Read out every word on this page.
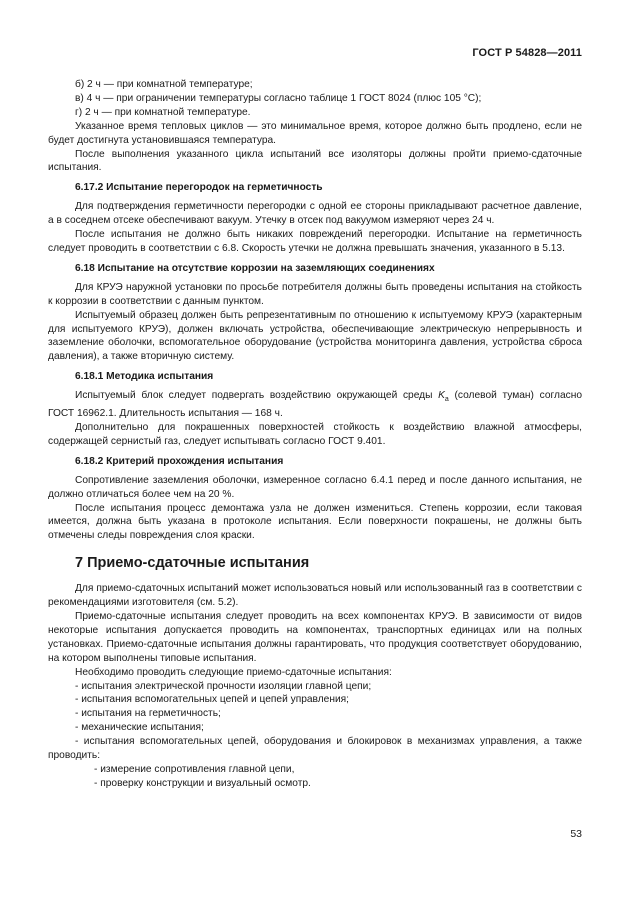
ГОСТ Р 54828—2011
б) 2 ч — при комнатной температуре;
в) 4 ч — при ограничении температуры согласно таблице 1 ГОСТ 8024 (плюс 105 °С);
г) 2 ч — при комнатной температуре.
Указанное время тепловых циклов — это минимальное время, которое должно быть продлено, если не будет достигнута установившаяся температура.
После выполнения указанного цикла испытаний все изоляторы должны пройти приемо-сдаточные испытания.
6.17.2 Испытание перегородок на герметичность
Для подтверждения герметичности перегородки с одной ее стороны прикладывают расчетное давление, а в соседнем отсеке обеспечивают вакуум. Утечку в отсек под вакуумом измеряют через 24 ч.
После испытания не должно быть никаких повреждений перегородки. Испытание на герметичность следует проводить в соответствии с 6.8. Скорость утечки не должна превышать значения, указанного в 5.13.
6.18 Испытание на отсутствие коррозии на заземляющих соединениях
Для КРУЭ наружной установки по просьбе потребителя должны быть проведены испытания на стойкость к коррозии в соответствии с данным пунктом.
Испытуемый образец должен быть репрезентативным по отношению к испытуемому КРУЭ (характерным для испытуемого КРУЭ), должен включать устройства, обеспечивающие электрическую непрерывность и заземление оболочки, вспомогательное оборудование (устройства мониторинга давления, устройства сброса давления), а также вторичную систему.
6.18.1 Методика испытания
Испытуемый блок следует подвергать воздействию окружающей среды $K_a$ (солевой туман) согласно ГОСТ 16962.1. Длительность испытания — 168 ч.
Дополнительно для покрашенных поверхностей стойкость к воздействию влажной атмосферы, содержащей сернистый газ, следует испытывать согласно ГОСТ 9.401.
6.18.2 Критерий прохождения испытания
Сопротивление заземления оболочки, измеренное согласно 6.4.1 перед и после данного испытания, не должно отличаться более чем на 20 %.
После испытания процесс демонтажа узла не должен измениться. Степень коррозии, если таковая имеется, должна быть указана в протоколе испытания. Если поверхности покрашены, не должны быть отмечены следы повреждения слоя краски.
7 Приемо-сдаточные испытания
Для приемо-сдаточных испытаний может использоваться новый или использованный газ в соответствии с рекомендациями изготовителя (см. 5.2).
Приемо-сдаточные испытания следует проводить на всех компонентах КРУЭ. В зависимости от видов некоторые испытания допускается проводить на компонентах, транспортных единицах или на полных установках. Приемо-сдаточные испытания должны гарантировать, что продукция соответствует оборудованию, на котором выполнены типовые испытания.
Необходимо проводить следующие приемо-сдаточные испытания:
- испытания электрической прочности изоляции главной цепи;
- испытания вспомогательных цепей и цепей управления;
- испытания на герметичность;
- механические испытания;
- испытания вспомогательных цепей, оборудования и блокировок в механизмах управления, а также проводить:
- измерение сопротивления главной цепи,
- проверку конструкции и визуальный осмотр.
53
